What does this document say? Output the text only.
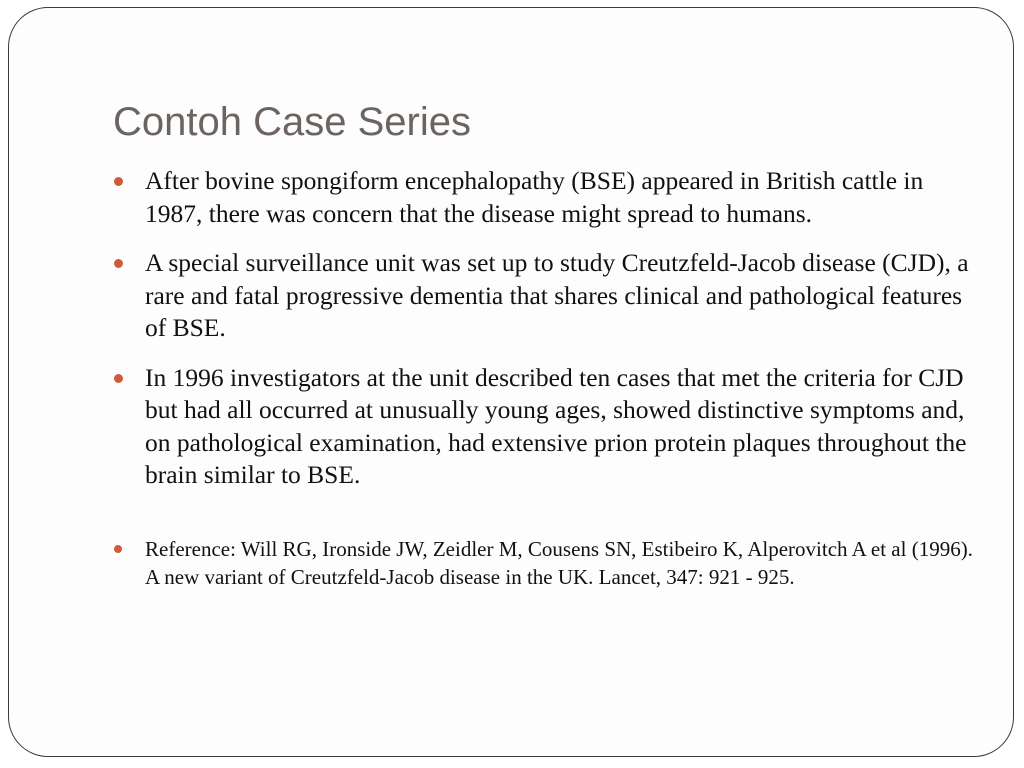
Contoh Case Series
After bovine spongiform encephalopathy (BSE) appeared in British cattle in 1987, there was concern that the disease might spread to humans.
A special surveillance unit was set up to study Creutzfeld-Jacob disease (CJD), a rare and fatal progressive dementia that shares clinical and pathological features of BSE.
In 1996 investigators at the unit described ten cases that met the criteria for CJD but had all occurred at unusually young ages, showed distinctive symptoms and, on pathological examination, had extensive prion protein plaques throughout the brain similar to BSE.
Reference: Will RG, Ironside JW, Zeidler M, Cousens SN, Estibeiro K, Alperovitch A et al (1996). A new variant of Creutzfeld-Jacob disease in the UK. Lancet, 347: 921 - 925.
